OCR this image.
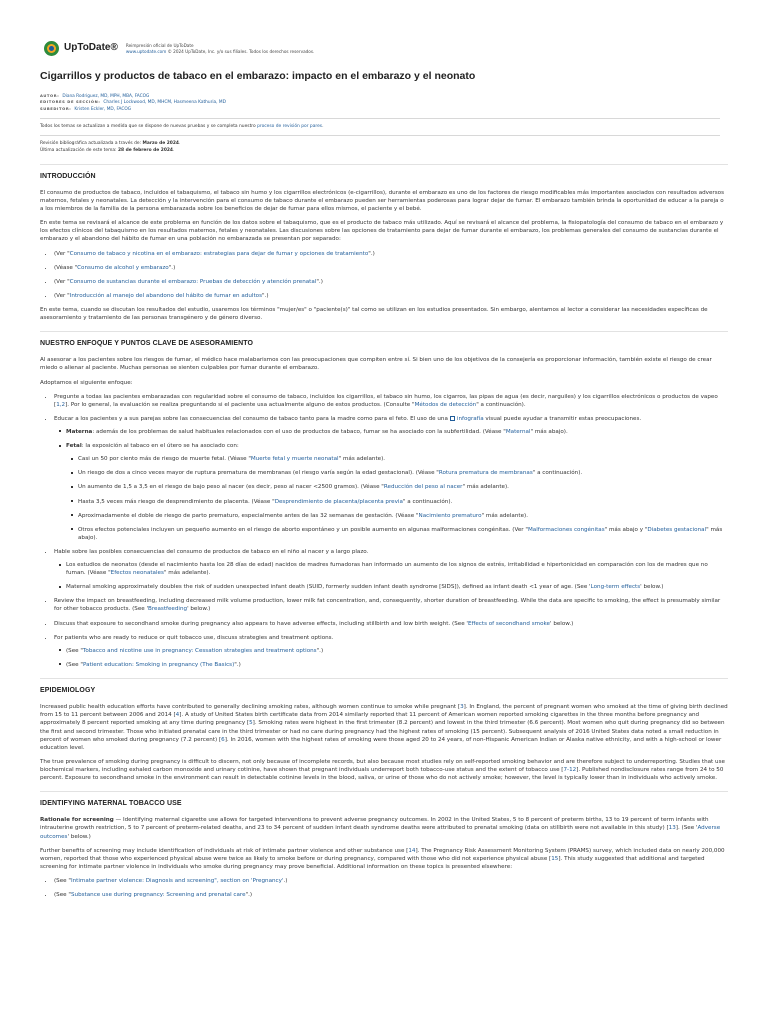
UpToDate® Reimpresión oficial de UpToDate
www.uptodate.com © 2024 UpToDate, Inc. y/o sus filiales. Todos los derechos reservados.
Cigarrillos y productos de tabaco en el embarazo: impacto en el embarazo y el neonato
AUTOR: Diana Rodriguez, MD, MPH, MBA, FACOG
EDITORES DE SECCIÓN: Charles J Lockwood, MD, MHCM, Hasmeena Kathuria, MD
SUBEDITOR: Kristen Eckler, MD, FACOG
Todos los temas se actualizan a medida que se dispone de nuevas pruebas y se completa nuestro proceso de revisión por pares.
Revisión bibliográfica actualizada a través de: Marzo de 2024.
Última actualización de este tema: 28 de febrero de 2024.
INTRODUCCIÓN

El consumo de productos de tabaco, incluidos el tabaquismo, el tabaco sin humo y los cigarrillos electrónicos (e-cigarrillos), durante el embarazo es uno de los factores de riesgo modificables más importantes asociados con resultados adversos maternos, fetales y neonatales. La detección y la intervención para el consumo de tabaco durante el embarazo pueden ser herramientas poderosas para lograr dejar de fumar. El embarazo también brinda la oportunidad de educar a la pareja o a los miembros de la familia de la persona embarazada sobre los beneficios de dejar de fumar para ellos mismos, el paciente y el bebé.

En este tema se revisará el alcance de este problema en función de los datos sobre el tabaquismo, que es el producto de tabaco más utilizado. Aquí se revisará el alcance del problema, la fisiopatología del consumo de tabaco en el embarazo y los efectos clínicos del tabaquismo en los resultados maternos, fetales y neonatales. Las discusiones sobre las opciones de tratamiento para dejar de fumar durante el embarazo, los problemas generales del consumo de sustancias durante el embarazo y el abandono del hábito de fumar en una población no embarazada se presentan por separado:

• (Ver "Consumo de tabaco y nicotina en el embarazo: estrategias para dejar de fumar y opciones de tratamiento".)
• (Véase "Consumo de alcohol y embarazo".)
• (Ver "Consumo de sustancias durante el embarazo: Pruebas de detección y atención prenatal".)
• (Ver "Introducción al manejo del abandono del hábito de fumar en adultos".)

En este tema, cuando se discutan los resultados del estudio, usaremos los términos "mujer/es" o "paciente(s)" tal como se utilizan en los estudios presentados. Sin embargo, alentamos al lector a considerar las necesidades específicas de asesoramiento y tratamiento de las personas transgénero y de género diverso.

NUESTRO ENFOQUE Y PUNTOS CLAVE DE ASESORAMIENTO

Al asesorar a los pacientes sobre los riesgos de fumar, el médico hace malabarismos con las preocupaciones que compiten entre sí. Si bien uno de los objetivos de la consejería es proporcionar información, también existe el riesgo de crear miedo o alienar al paciente. Muchas personas se sienten culpables por fumar durante el embarazo.

Adoptamos el siguiente enfoque:

• Pregunte a todas las pacientes embarazadas con regularidad sobre el consumo de tabaco, incluidos los cigarrillos, el tabaco sin humo, los cigarros, las pipas de agua (es decir, narguiles) y los cigarrillos electrónicos o productos de vapeo [1,2]. Por lo general, la evaluación se realiza preguntando si el paciente usa actualmente alguno de estos productos. (Consulte "Métodos de detección" a continuación).
• Educar a los pacientes y a sus parejas sobre las consecuencias del consumo de tabaco tanto para la madre como para el feto. El uso de una infografía visual puede ayudar a transmitir estas preocupaciones.
Materna: además de los problemas de salud habituales relacionados con el uso de productos de tabaco, fumar se ha asociado con la subfertilidad. (Véase "Maternal" más abajo).
Fetal: la exposición al tabaco en el útero se ha asociado con:
Casi un 50 por ciento más de riesgo de muerte fetal. (Véase "Muerte fetal y muerte neonatal" más adelante).
Un riesgo de dos a cinco veces mayor de ruptura prematura de membranas (el riesgo varía según la edad gestacional). (Véase "Rotura prematura de membranas" a continuación).
Un aumento de 1,5 a 3,5 en el riesgo de bajo peso al nacer (es decir, peso al nacer <2500 gramos). (Véase "Reducción del peso al nacer" más adelante).
Hasta 3,5 veces más riesgo de desprendimiento de placenta. (Véase "Desprendimiento de placenta/placenta previa" a continuación).
Aproximadamente el doble de riesgo de parto prematuro, especialmente antes de las 32 semanas de gestación. (Véase "Nacimiento prematuro" más adelante).
Otros efectos potenciales incluyen un pequeño aumento en el riesgo de aborto espontáneo y un posible aumento en algunas malformaciones congénitas. (Ver "Malformaciones congénitas" más abajo y "Diabetes gestacional" más abajo).
• Hable sobre las posibles consecuencias del consumo de productos de tabaco en el niño al nacer y a largo plazo.
Los estudios de neonatos (desde el nacimiento hasta los 28 días de edad) nacidos de madres fumadoras han informado un aumento de los signos de estrés, irritabilidad e hipertonicidad en comparación con los de madres que no fuman. (Véase "Efectos neonatales" más adelante).
Maternal smoking approximately doubles the risk of sudden unexpected infant death (SUID, formerly sudden infant death syndrome [SIDS]), defined as infant death <1 year of age. (See 'Long-term effects' below.)
• Review the impact on breastfeeding, including decreased milk volume production, lower milk fat concentration, and, consequently, shorter duration of breastfeeding. While the data are specific to smoking, the effect is presumably similar for other tobacco products. (See 'Breastfeeding' below.)
• Discuss that exposure to secondhand smoke during pregnancy also appears to have adverse effects, including stillbirth and low birth weight. (See 'Effects of secondhand smoke' below.)
• For patients who are ready to reduce or quit tobacco use, discuss strategies and treatment options.
(See "Tobacco and nicotine use in pregnancy: Cessation strategies and treatment options".)
(See "Patient education: Smoking in pregnancy (The Basics)".)
EPIDEMIOLOGY

Increased public health education efforts have contributed to generally declining smoking rates, although women continue to smoke while pregnant [3]. In England, the percent of pregnant women who smoked at the time of giving birth declined from 15 to 11 percent between 2006 and 2014 [4]. A study of United States birth certificate data from 2014 similarly reported that 11 percent of American women reported smoking cigarettes in the three months before pregnancy and approximately 8 percent reported smoking at any time during pregnancy [5]. Smoking rates were highest in the first trimester (8.2 percent) and lowest in the third trimester (6.6 percent). Most women who quit during pregnancy did so between the first and second trimester. Those who initiated prenatal care in the third trimester or had no care during pregnancy had the highest rates of smoking (15 percent). Subsequent analysis of 2016 United States data noted a small reduction in percent of women who smoked during pregnancy (7.2 percent) [6]. In 2016, women with the highest rates of smoking were those aged 20 to 24 years, of non-Hispanic American Indian or Alaska native ethnicity, and with a high-school or lower education level.

The true prevalence of smoking during pregnancy is difficult to discern, not only because of incomplete records, but also because most studies rely on self-reported smoking behavior and are therefore subject to underreporting. Studies that use biochemical markers, including exhaled carbon monoxide and urinary cotinine, have shown that pregnant individuals underreport both tobacco-use status and the extent of tobacco use [7-12]. Published nondisclosure rates range from 24 to 50 percent. Exposure to secondhand smoke in the environment can result in detectable cotinine levels in the blood, saliva, or urine of those who do not actively smoke; however, the level is typically lower than in individuals who actively smoke.

IDENTIFYING MATERNAL TOBACCO USE

Rationale for screening — Identifying maternal cigarette use allows for targeted interventions to prevent adverse pregnancy outcomes. In 2002 in the United States, 5 to 8 percent of preterm births, 13 to 19 percent of term infants with intrauterine growth restriction, 5 to 7 percent of preterm-related deaths, and 23 to 34 percent of sudden infant death syndrome deaths were attributed to prenatal smoking (data on stillbirth were not available in this study) [13]. (See 'Adverse outcomes' below.)

Further benefits of screening may include identification of individuals at risk of intimate partner violence and other substance use [14]. The Pregnancy Risk Assessment Monitoring System (PRAMS) survey, which included data on nearly 200,000 women, reported that those who experienced physical abuse were twice as likely to smoke before or during pregnancy, compared with those who did not experience physical abuse [15]. This study suggested that additional and targeted screening for intimate partner violence in individuals who smoke during pregnancy may prove beneficial. Additional information on these topics is presented elsewhere:

• (See "Intimate partner violence: Diagnosis and screening", section on 'Pregnancy'.)
• (See "Substance use during pregnancy: Screening and prenatal care".)
